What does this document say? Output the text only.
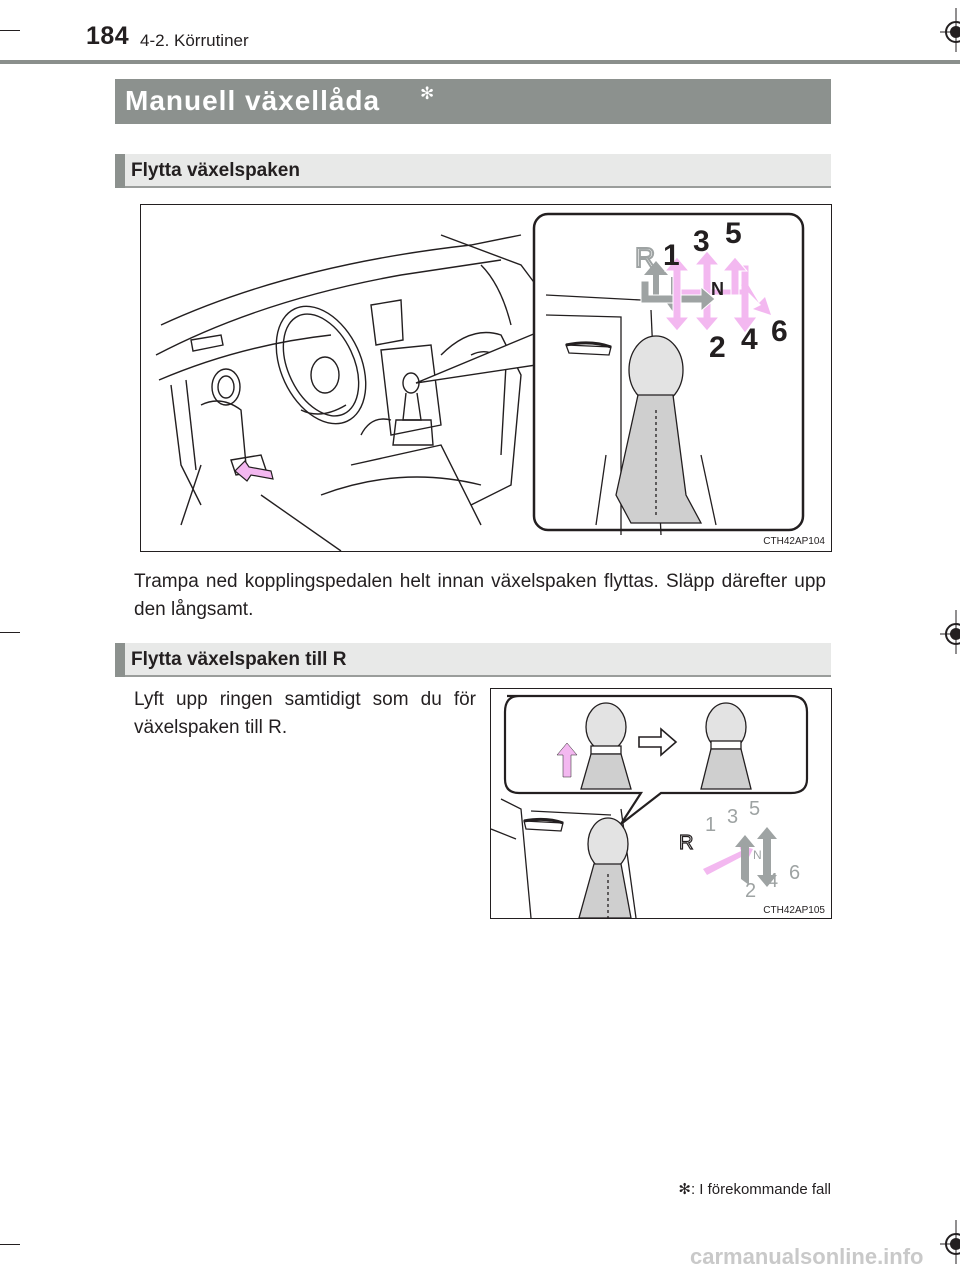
184 4-2. Körrutiner
Manuell växellåda ✻
Flytta växelspaken
R 1 3 5
N
2 4 6
CTH42AP104
Trampa ned kopplingspedalen helt innan växelspaken flyttas. Släpp därefter upp den långsamt.
Flytta växelspaken till R
Lyft upp ringen samtidigt som du för växelspaken till R.
R
1 3 5
N
2 4 6
CTH42AP105
✻: I förekommande fall
carmanualsonline.info
